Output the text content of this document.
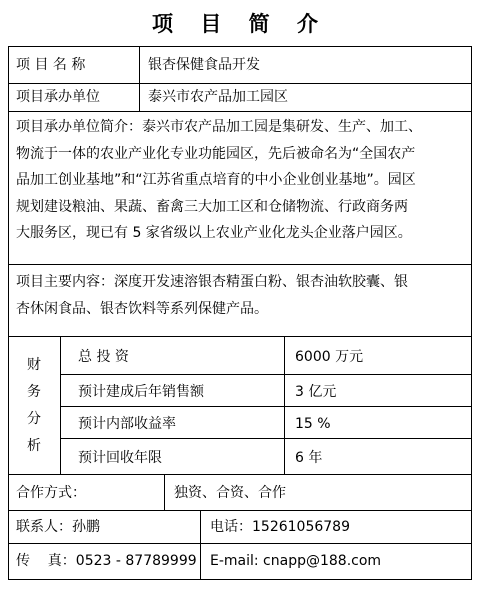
项 目 简 介
项 目 名 称	银杏保健食品开发
项目承办单位	泰兴市农产品加工园区
项目承办单位简介：泰兴市农产品加工园是集研发、生产、加工、
物流于一体的农业产业化专业功能园区，先后被命名为“全国农产
品加工创业基地”和“江苏省重点培育的中小企业创业基地”。园区
规划建设粮油、果蔬、畜禽三大加工区和仓储物流、行政商务两
大服务区，现已有 5 家省级以上农业产业化龙头企业落户园区。
项目主要内容：深度开发速溶银杏精蛋白粉、银杏油软胶囊、银
杏休闲食品、银杏饮料等系列保健产品。
财
务
分
析
总 投 资	6000 万元
预计建成后年销售额	3 亿元
预计内部收益率	15 %
预计回收年限	6 年
合作方式：	独资、合资、合作
联系人：孙鹏	电话：15261056789
传    真：0523 - 87789999 E-mail: cnapp@188.com
